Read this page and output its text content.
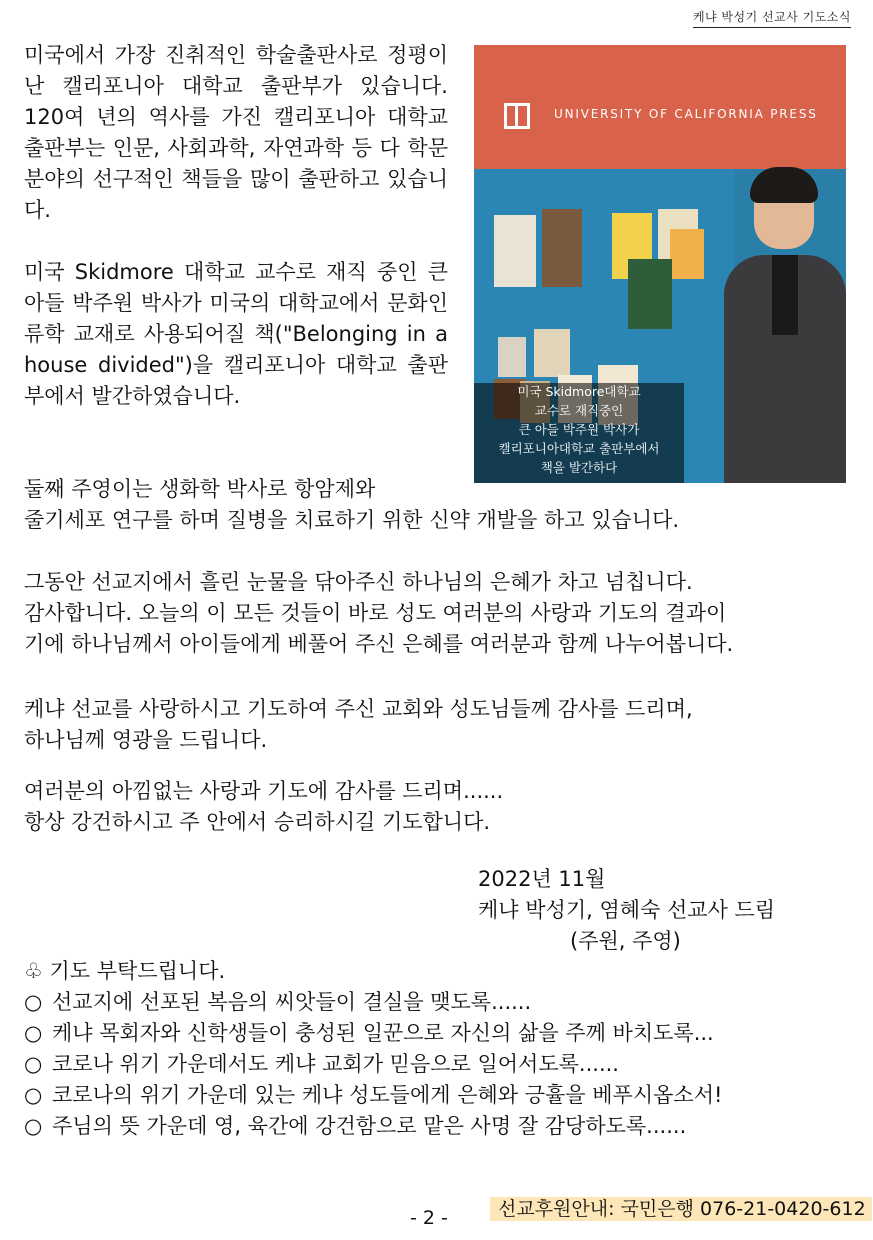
케냐 박성기 선교사 기도소식

미국에서 가장 진취적인 학술출판사로 정평이 난 캘리포니아 대학교 출판부가 있습니다. 120여 년의 역사를 가진 캘리포니아 대학교 출판부는 인문, 사회과학, 자연과학 등 다 학문 분야의 선구적인 책들을 많이 출판하고 있습니다.

미국 Skidmore 대학교 교수로 재직 중인 큰 아들 박주원 박사가 미국의 대학교에서 문화인류학 교재로 사용되어질 책("Belonging in a house divided")을 캘리포니아 대학교 출판부에서 발간하였습니다.

둘째 주영이는 생화학 박사로 항암제와

줄기세포 연구를 하며 질병을 치료하기 위한 신약 개발을 하고 있습니다.

그동안 선교지에서 흘린 눈물을 닦아주신 하나님의 은혜가 차고 넘칩니다.

감사합니다. 오늘의 이 모든 것들이 바로 성도 여러분의 사랑과 기도의 결과이

기에 하나님께서 아이들에게 베풀어 주신 은혜를 여러분과 함께 나누어봅니다.

케냐 선교를 사랑하시고 기도하여 주신 교회와 성도님들께 감사를 드리며,

하나님께 영광을 드립니다.

여러분의 아낌없는 사랑과 기도에 감사를 드리며......

항상 강건하시고 주 안에서 승리하시길 기도합니다.

2022년 11월
케냐 박성기, 염혜숙 선교사 드림
(주원, 주영)
UNIVERSITY OF CALIFORNIA PRESS
미국 Skidmore대학교
교수로 재직중인
큰 아들 박주원 박사가
캘리포니아대학교 출판부에서
책을 발간하다
♧ 기도 부탁드립니다.
○ 선교지에 선포된 복음의 씨앗들이 결실을 맺도록......
○ 케냐 목회자와 신학생들이 충성된 일꾼으로 자신의 삶을 주께 바치도록...
○ 코로나 위기 가운데서도 케냐 교회가 믿음으로 일어서도록......
○ 코로나의 위기 가운데 있는 케냐 성도들에게 은혜와 긍휼을 베푸시옵소서!
○ 주님의 뜻 가운데 영, 육간에 강건함으로 맡은 사명 잘 감당하도록......
- 2 -	선교후원안내: 국민은행 076-21-0420-612
